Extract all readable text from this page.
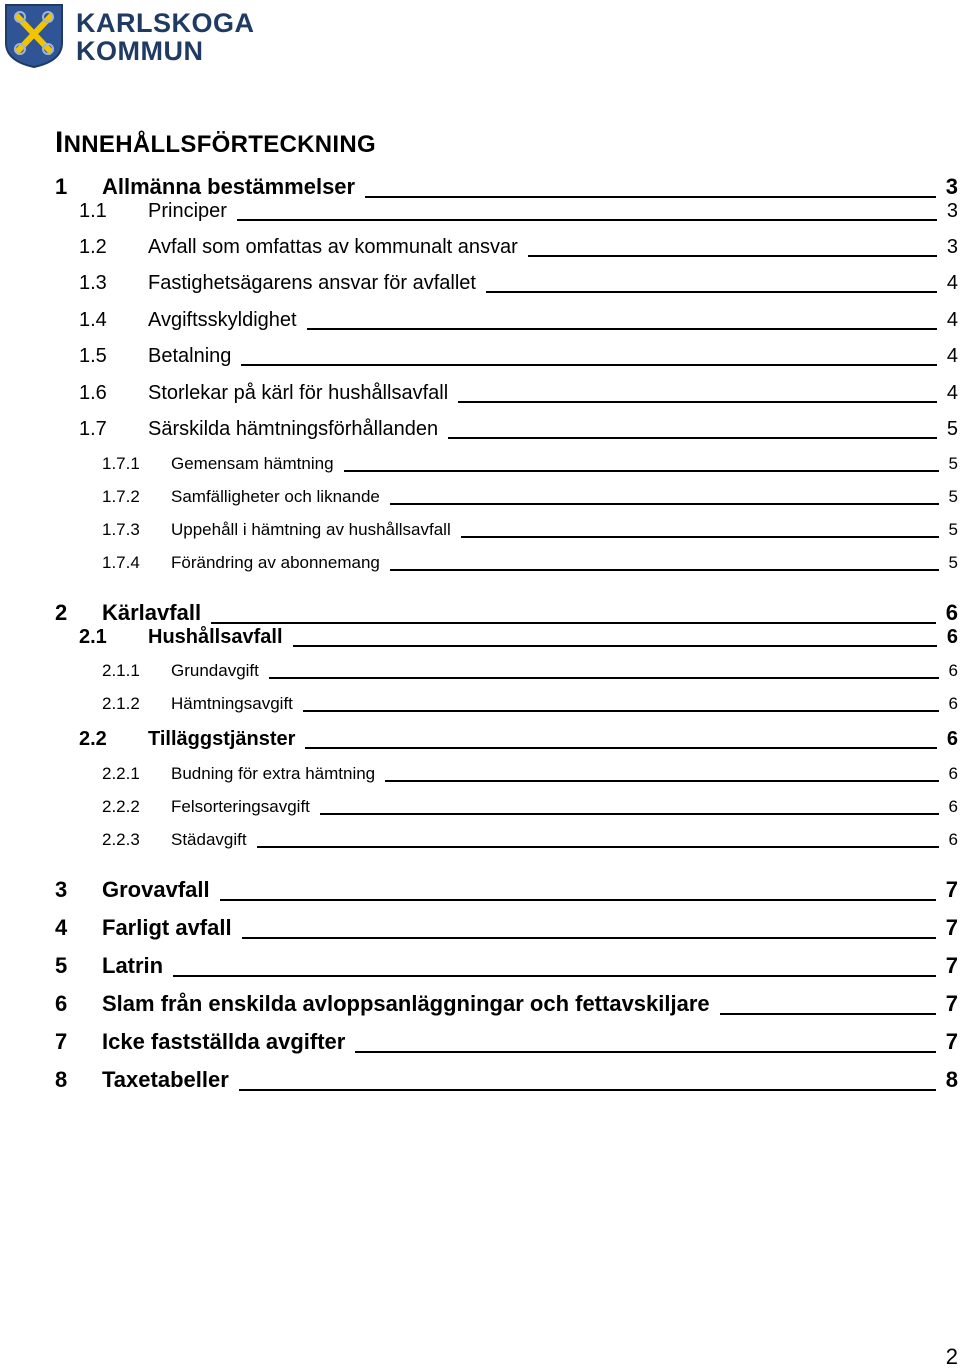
KARLSKOGA
KOMMUN
INNEHÅLLSFÖRTECKNING
1 Allmänna bestämmelser	3
1.1 Principer	3
1.2 Avfall som omfattas av kommunalt ansvar	3
1.3 Fastighetsägarens ansvar för avfallet	4
1.4 Avgiftsskyldighet	4
1.5 Betalning	4
1.6 Storlekar på kärl för hushållsavfall	4
1.7 Särskilda hämtningsförhållanden	5
1.7.1 Gemensam hämtning	5
1.7.2 Samfälligheter och liknande	5
1.7.3 Uppehåll i hämtning av hushållsavfall	5
1.7.4 Förändring av abonnemang	5
2 Kärlavfall	6
2.1 Hushållsavfall	6
2.1.1 Grundavgift	6
2.1.2 Hämtningsavgift	6
2.2 Tilläggstjänster	6
2.2.1 Budning för extra hämtning	6
2.2.2 Felsorteringsavgift	6
2.2.3 Städavgift	6
3 Grovavfall	7
4 Farligt avfall	7
5 Latrin	7
6 Slam från enskilda avloppsanläggningar och fettavskiljare	7
7 Icke fastställda avgifter	7
8 Taxetabeller	8
2
